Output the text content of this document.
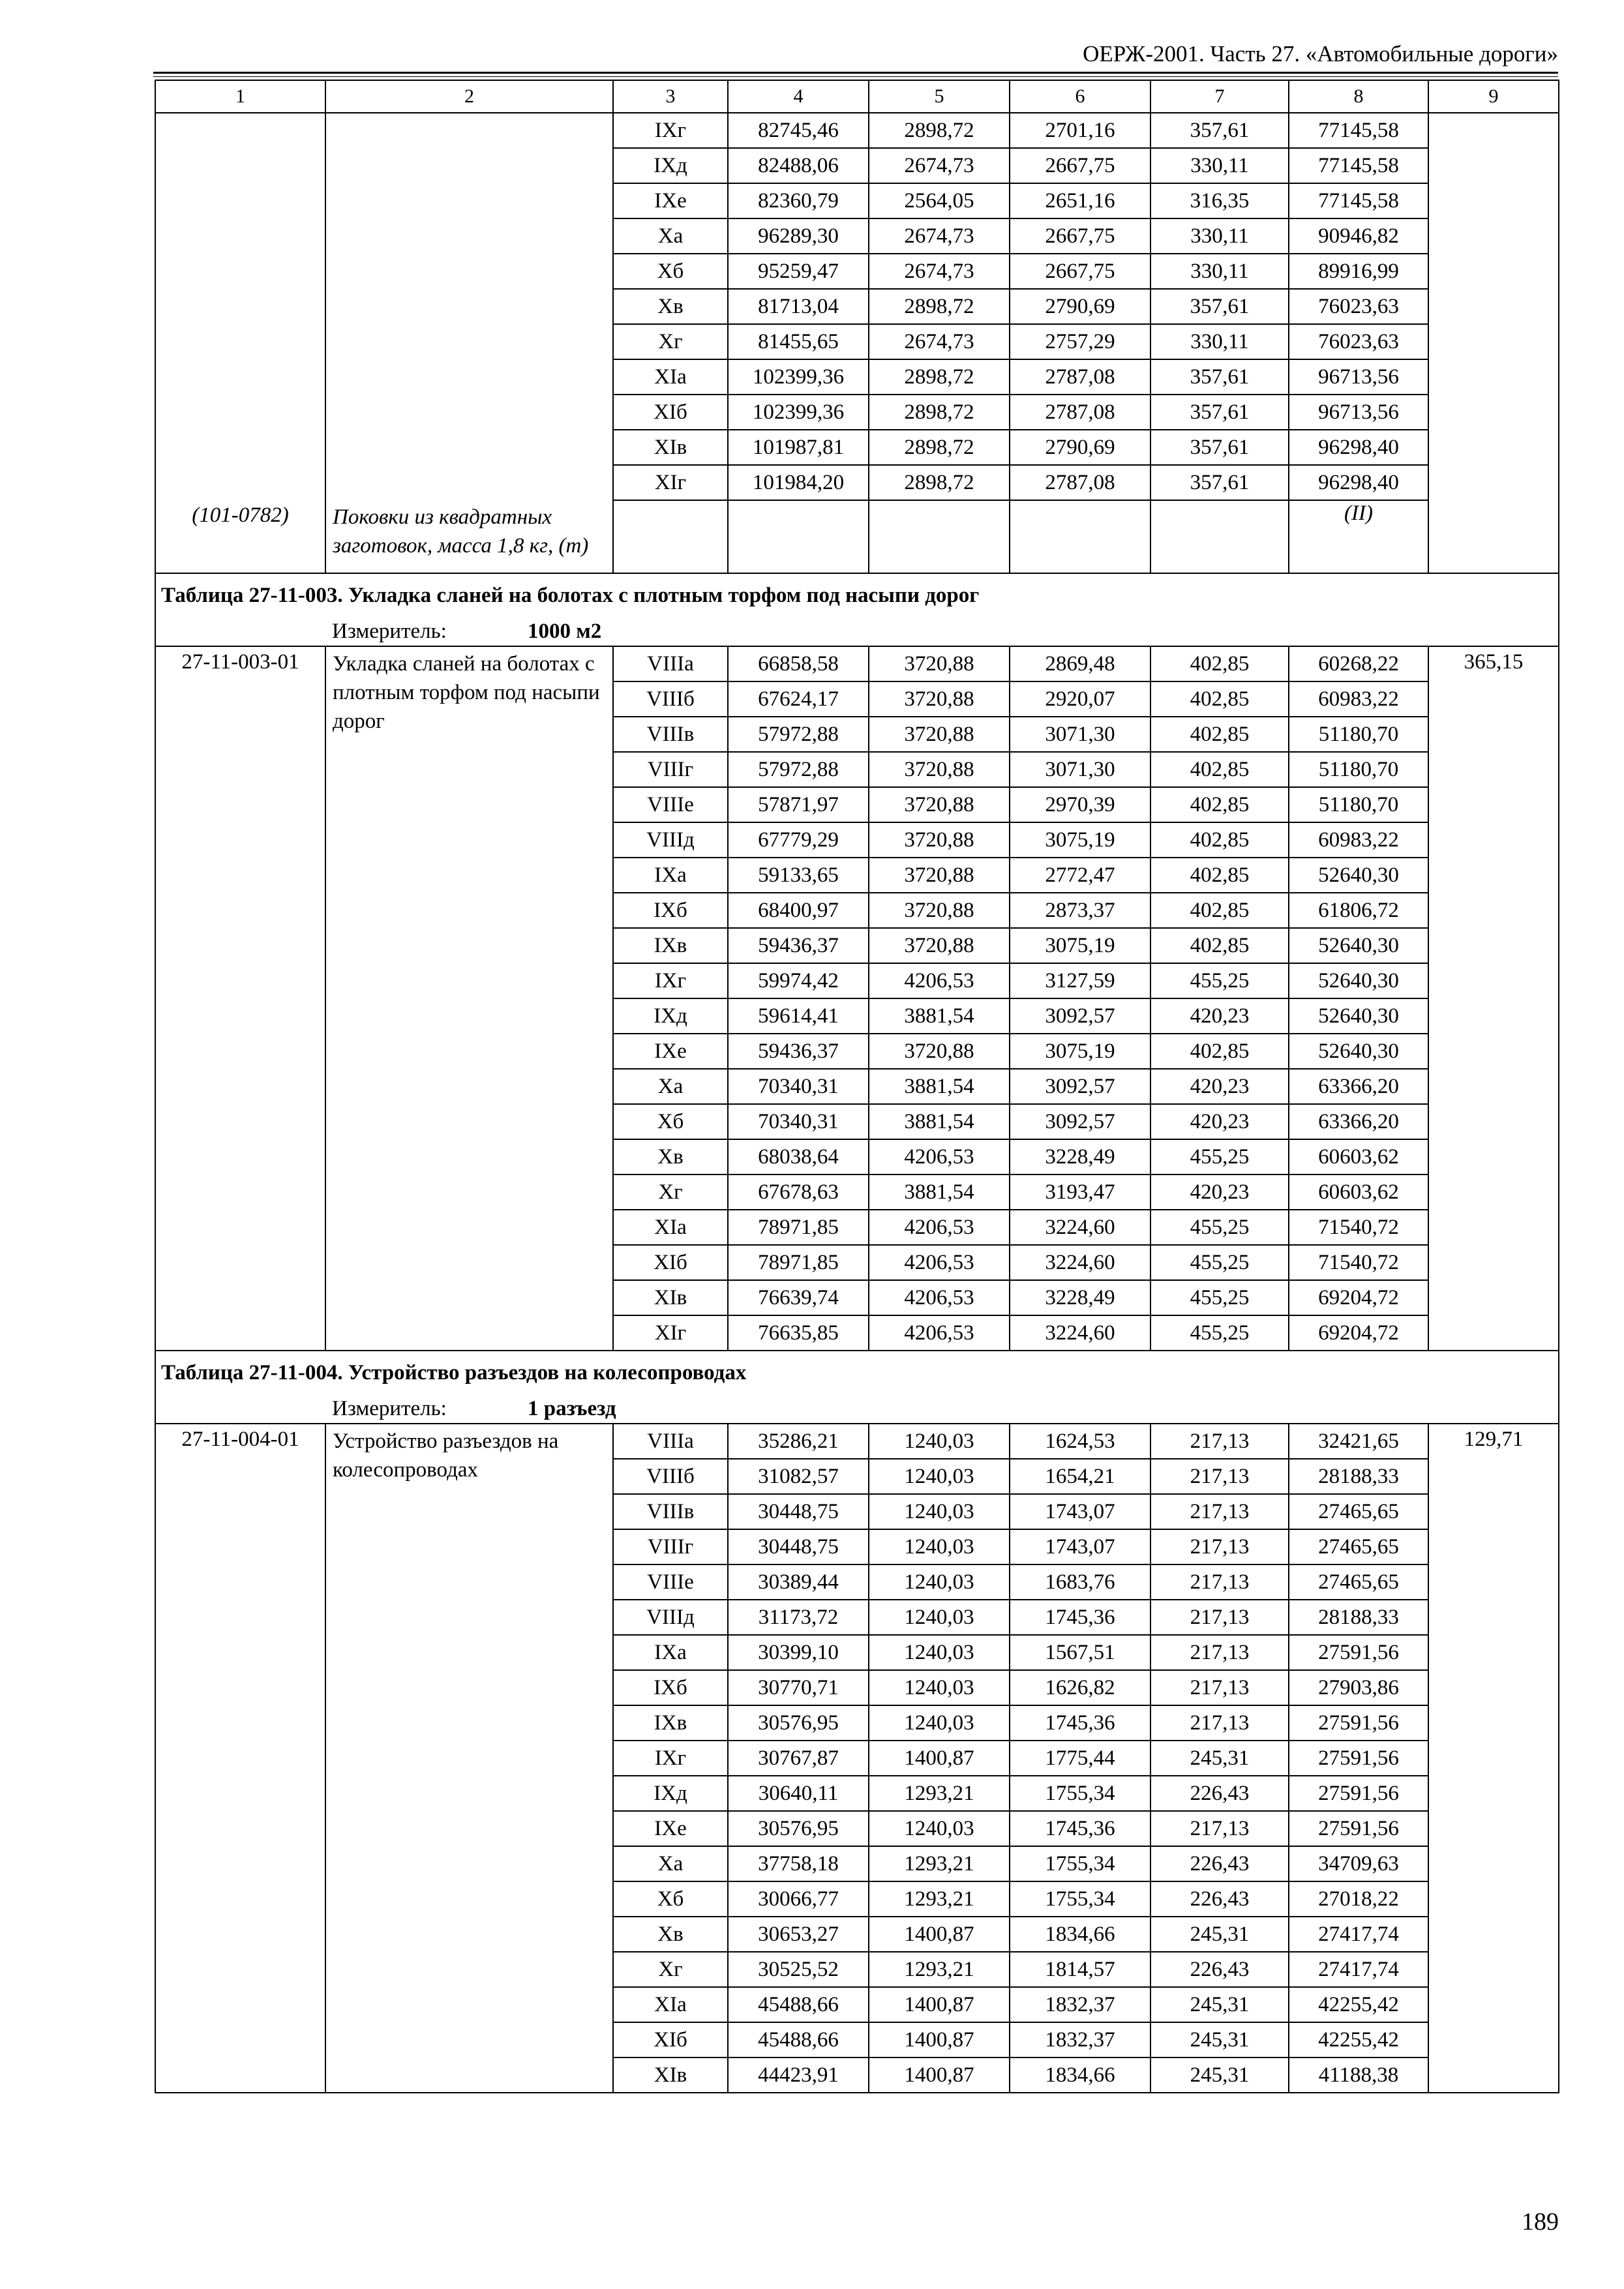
ОЕРЖ-2001. Часть 27. «Автомобильные дороги»
1	2	3	4	5	6	7	8	9
		IXг	82745,46	2898,72	2701,16	357,61	77145,58	
		IXд	82488,06	2674,73	2667,75	330,11	77145,58	
		IXе	82360,79	2564,05	2651,16	316,35	77145,58	
		Xа	96289,30	2674,73	2667,75	330,11	90946,82	
		Xб	95259,47	2674,73	2667,75	330,11	89916,99	
		Xв	81713,04	2898,72	2790,69	357,61	76023,63	
		Xг	81455,65	2674,73	2757,29	330,11	76023,63	
		XIа	102399,36	2898,72	2787,08	357,61	96713,56	
		XIб	102399,36	2898,72	2787,08	357,61	96713,56	
		XIв	101987,81	2898,72	2790,69	357,61	96298,40	
		XIг	101984,20	2898,72	2787,08	357,61	96298,40	
(101-0782)	Поковки из квадратных заготовок, масса 1,8 кг, (т)						(II)	
Таблица 27-11-003. Укладка сланей на болотах с плотным торфом под насыпи дорог								
Измеритель: 1000 м2								
27-11-003-01	Укладка сланей на болотах с плотным торфом под насыпи дорог	VIIIа	66858,58	3720,88	2869,48	402,85	60268,22	365,15
		VIIIб	67624,17	3720,88	2920,07	402,85	60983,22	
		VIIIв	57972,88	3720,88	3071,30	402,85	51180,70	
		VIIIг	57972,88	3720,88	3071,30	402,85	51180,70	
		VIIIе	57871,97	3720,88	2970,39	402,85	51180,70	
		VIIIд	67779,29	3720,88	3075,19	402,85	60983,22	
		IXа	59133,65	3720,88	2772,47	402,85	52640,30	
		IXб	68400,97	3720,88	2873,37	402,85	61806,72	
		IXв	59436,37	3720,88	3075,19	402,85	52640,30	
		IXг	59974,42	4206,53	3127,59	455,25	52640,30	
		IXд	59614,41	3881,54	3092,57	420,23	52640,30	
		IXе	59436,37	3720,88	3075,19	402,85	52640,30	
		Xа	70340,31	3881,54	3092,57	420,23	63366,20	
		Xб	70340,31	3881,54	3092,57	420,23	63366,20	
		Xв	68038,64	4206,53	3228,49	455,25	60603,62	
		Xг	67678,63	3881,54	3193,47	420,23	60603,62	
		XIа	78971,85	4206,53	3224,60	455,25	71540,72	
		XIб	78971,85	4206,53	3224,60	455,25	71540,72	
		XIв	76639,74	4206,53	3228,49	455,25	69204,72	
		XIг	76635,85	4206,53	3224,60	455,25	69204,72	
Таблица 27-11-004. Устройство разъездов на колесопроводах								
Измеритель: 1 разъезд								
27-11-004-01	Устройство разъездов на колесопроводах	VIIIа	35286,21	1240,03	1624,53	217,13	32421,65	129,71
		VIIIб	31082,57	1240,03	1654,21	217,13	28188,33	
		VIIIв	30448,75	1240,03	1743,07	217,13	27465,65	
		VIIIг	30448,75	1240,03	1743,07	217,13	27465,65	
		VIIIе	30389,44	1240,03	1683,76	217,13	27465,65	
		VIIIд	31173,72	1240,03	1745,36	217,13	28188,33	
		IXа	30399,10	1240,03	1567,51	217,13	27591,56	
		IXб	30770,71	1240,03	1626,82	217,13	27903,86	
		IXв	30576,95	1240,03	1745,36	217,13	27591,56	
		IXг	30767,87	1400,87	1775,44	245,31	27591,56	
		IXд	30640,11	1293,21	1755,34	226,43	27591,56	
		IXе	30576,95	1240,03	1745,36	217,13	27591,56	
		Xа	37758,18	1293,21	1755,34	226,43	34709,63	
		Xб	30066,77	1293,21	1755,34	226,43	27018,22	
		Xв	30653,27	1400,87	1834,66	245,31	27417,74	
		Xг	30525,52	1293,21	1814,57	226,43	27417,74	
		XIа	45488,66	1400,87	1832,37	245,31	42255,42	
		XIб	45488,66	1400,87	1832,37	245,31	42255,42	
		XIв	44423,91	1400,87	1834,66	245,31	41188,38	
189
